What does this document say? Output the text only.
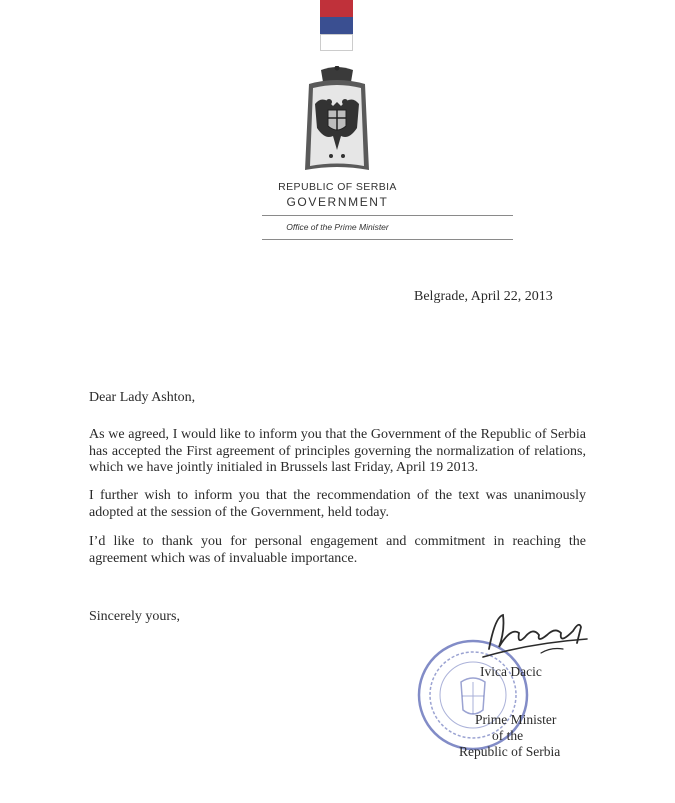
REPUBLIC OF SERBIA
GOVERNMENT
Office of the Prime Minister
Belgrade, April 22, 2013
Dear Lady Ashton,
As we agreed, I would like to inform you that the Government of the Republic of Serbia has accepted the First agreement of principles governing the normalization of relations, which we have jointly initialed in Brussels last Friday, April 19 2013.
I further wish to inform you that the recommendation of the text was unanimously adopted at the session of the Government, held today.
I’d like to thank you for personal engagement and commitment in reaching the agreement which was of invaluable importance.
Sincerely yours,
Ivica Dacic
Prime Minister
of the
Republic of Serbia
